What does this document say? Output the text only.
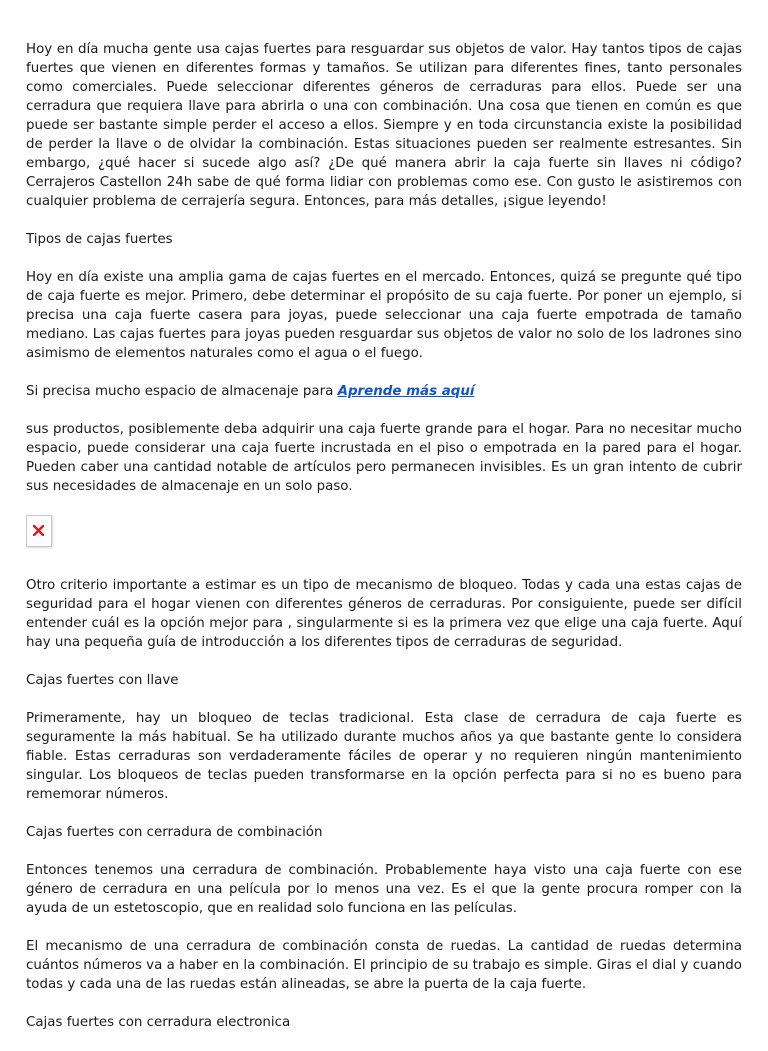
Hoy en día mucha gente usa cajas fuertes para resguardar sus objetos de valor. Hay tantos tipos de cajas fuertes que vienen en diferentes formas y tamaños. Se utilizan para diferentes fines, tanto personales como comerciales. Puede seleccionar diferentes géneros de cerraduras para ellos. Puede ser una cerradura que requiera llave para abrirla o una con combinación. Una cosa que tienen en común es que puede ser bastante simple perder el acceso a ellos. Siempre y en toda circunstancia existe la posibilidad de perder la llave o de olvidar la combinación. Estas situaciones pueden ser realmente estresantes. Sin embargo, ¿qué hacer si sucede algo así? ¿De qué manera abrir la caja fuerte sin llaves ni código? Cerrajeros Castellon 24h sabe de qué forma lidiar con problemas como ese. Con gusto le asistiremos con cualquier problema de cerrajería segura. Entonces, para más detalles, ¡sigue leyendo!

Tipos de cajas fuertes

Hoy en día existe una amplia gama de cajas fuertes en el mercado. Entonces, quizá se pregunte qué tipo de caja fuerte es mejor. Primero, debe determinar el propósito de su caja fuerte. Por poner un ejemplo, si precisa una caja fuerte casera para joyas, puede seleccionar una caja fuerte empotrada de tamaño mediano. Las cajas fuertes para joyas pueden resguardar sus objetos de valor no solo de los ladrones sino asimismo de elementos naturales como el agua o el fuego.

Si precisa mucho espacio de almacenaje para Aprende más aquí

sus productos, posiblemente deba adquirir una caja fuerte grande para el hogar. Para no necesitar mucho espacio, puede considerar una caja fuerte incrustada en el piso o empotrada en la pared para el hogar. Pueden caber una cantidad notable de artículos pero permanecen invisibles. Es un gran intento de cubrir sus necesidades de almacenaje en un solo paso.

Otro criterio importante a estimar es un tipo de mecanismo de bloqueo. Todas y cada una estas cajas de seguridad para el hogar vienen con diferentes géneros de cerraduras. Por consiguiente, puede ser difícil entender cuál es la opción mejor para , singularmente si es la primera vez que elige una caja fuerte. Aquí hay una pequeña guía de introducción a los diferentes tipos de cerraduras de seguridad.

Cajas fuertes con llave

Primeramente, hay un bloqueo de teclas tradicional. Esta clase de cerradura de caja fuerte es seguramente la más habitual. Se ha utilizado durante muchos años ya que bastante gente lo considera fiable. Estas cerraduras son verdaderamente fáciles de operar y no requieren ningún mantenimiento singular. Los bloqueos de teclas pueden transformarse en la opción perfecta para si no es bueno para rememorar números.

Cajas fuertes con cerradura de combinación

Entonces tenemos una cerradura de combinación. Probablemente haya visto una caja fuerte con ese género de cerradura en una película por lo menos una vez. Es el que la gente procura romper con la ayuda de un estetoscopio, que en realidad solo funciona en las películas.

El mecanismo de una cerradura de combinación consta de ruedas. La cantidad de ruedas determina cuántos números va a haber en la combinación. El principio de su trabajo es simple. Giras el dial y cuando todas y cada una de las ruedas están alineadas, se abre la puerta de la caja fuerte.

Cajas fuertes con cerradura electronica
